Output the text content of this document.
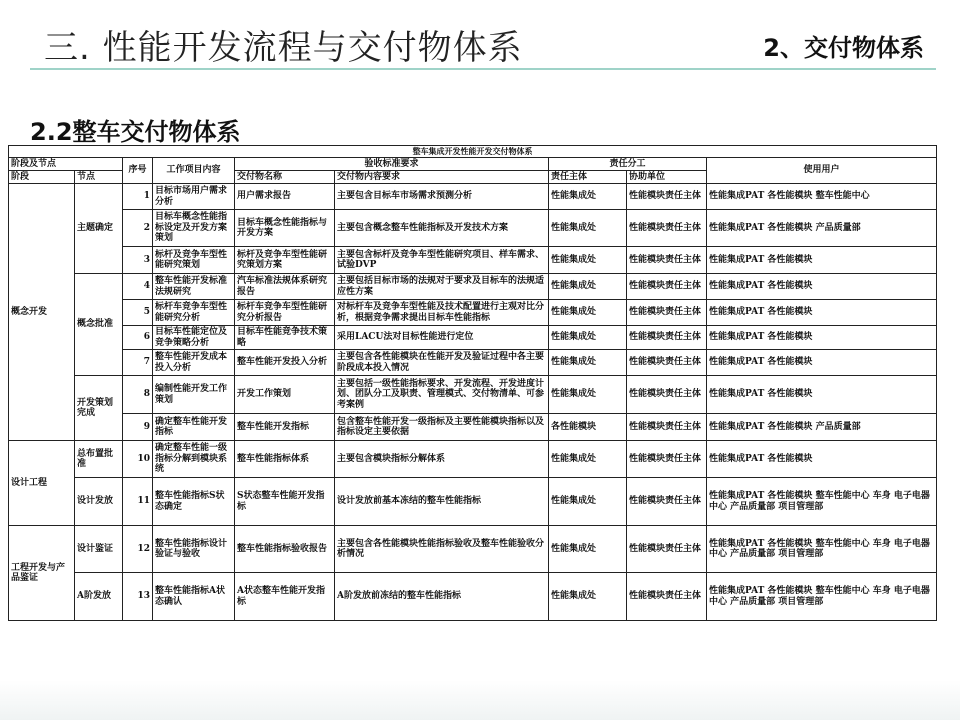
三. 性能开发流程与交付物体系	2、交付物体系
2.2整车交付物体系
整车集成开发性能开发交付物体系								
阶段及节点		序号	工作项目内容	验收标准要求		责任分工		使用用户
阶段	节点			交付物名称	交付物内容要求	责任主体	协助单位	
概念开发	主题确定	1	目标市场用户需求分析	用户需求报告	主要包含目标车市场需求预测分析	性能集成处	性能模块责任主体	性能集成PAT 各性能模块 整车性能中心
		2	目标车概念性能指标设定及开发方案策划	目标车概念性能指标与开发方案	主要包含概念整车性能指标及开发技术方案	性能集成处	性能模块责任主体	性能集成PAT 各性能模块 产品质量部
		3	标杆及竞争车型性能研究策划	标杆及竞争车型性能研究策划方案	主要包含标杆及竞争车型性能研究项目、样车需求、试验DVP	性能集成处	性能模块责任主体	性能集成PAT 各性能模块
	概念批准	4	整车性能开发标准法规研究	汽车标准法规体系研究报告	主要包括目标市场的法规对于要求及目标车的法规适应性方案	性能集成处	性能模块责任主体	性能集成PAT 各性能模块
		5	标杆车竞争车型性能研究分析	标杆车竞争车型性能研究分析报告	对标杆车及竞争车型性能及技术配置进行主观对比分析，根据竞争需求提出目标车性能指标	性能集成处	性能模块责任主体	性能集成PAT 各性能模块
		6	目标车性能定位及竞争策略分析	目标车性能竞争技术策略	采用LACU法对目标性能进行定位	性能集成处	性能模块责任主体	性能集成PAT 各性能模块
		7	整车性能开发成本投入分析	整车性能开发投入分析	主要包含各性能模块在性能开发及验证过程中各主要阶段成本投入情况	性能集成处	性能模块责任主体	性能集成PAT 各性能模块
	开发策划完成	8	编制性能开发工作策划	开发工作策划	主要包括一级性能指标要求、开发流程、开发进度计划、团队分工及职责、管理模式、交付物清单、可参考案例	性能集成处	性能模块责任主体	性能集成PAT 各性能模块
		9	确定整车性能开发指标	整车性能开发指标	包含整车性能开发一级指标及主要性能模块指标以及指标设定主要依据	各性能模块	性能模块责任主体	性能集成PAT 各性能模块 产品质量部
设计工程	总布置批准	10	确定整车性能一级指标分解到模块系统	整车性能指标体系	主要包含模块指标分解体系	性能集成处	性能模块责任主体	性能集成PAT 各性能模块
	设计发放	11	整车性能指标S状态确定	S状态整车性能开发指标	设计发放前基本冻结的整车性能指标	性能集成处	性能模块责任主体	性能集成PAT 各性能模块 整车性能中心 车身 电子电器中心 产品质量部 项目管理部
工程开发与产品鉴证	设计鉴证	12	整车性能指标设计验证与验收	整车性能指标验收报告	主要包含各性能模块性能指标验收及整车性能验收分析情况	性能集成处	性能模块责任主体	性能集成PAT 各性能模块 整车性能中心 车身 电子电器中心 产品质量部 项目管理部
	A阶发放	13	整车性能指标A状态确认	A状态整车性能开发指标	A阶发放前冻结的整车性能指标	性能集成处	性能模块责任主体	性能集成PAT 各性能模块 整车性能中心 车身 电子电器中心 产品质量部 项目管理部
